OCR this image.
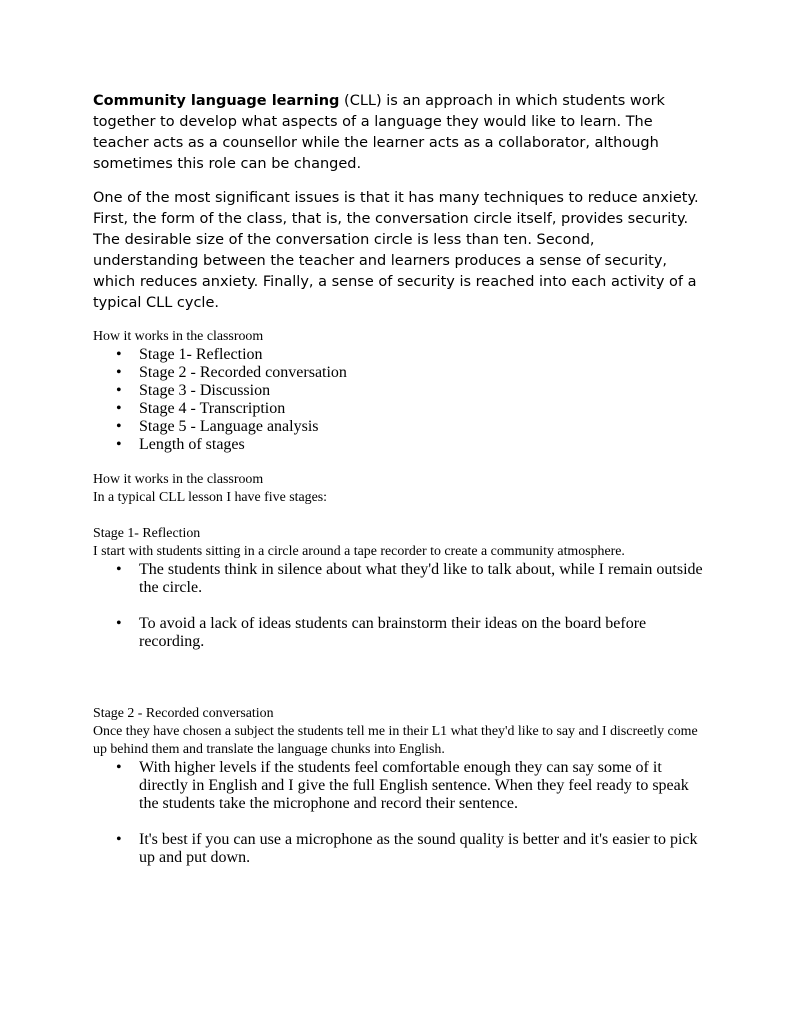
Community language learning (CLL) is an approach in which students work together to develop what aspects of a language they would like to learn. The teacher acts as a counsellor while the learner acts as a collaborator, although sometimes this role can be changed.

One of the most significant issues is that it has many techniques to reduce anxiety. First, the form of the class, that is, the conversation circle itself, provides security. The desirable size of the conversation circle is less than ten. Second, understanding between the teacher and learners produces a sense of security, which reduces anxiety. Finally, a sense of security is reached into each activity of a typical CLL cycle.

How it works in the classroom

• Stage 1- Reflection
• Stage 2 - Recorded conversation
• Stage 3 - Discussion
• Stage 4 - Transcription
• Stage 5 - Language analysis
• Length of stages

How it works in the classroom

In a typical CLL lesson I have five stages:

Stage 1- Reflection

I start with students sitting in a circle around a tape recorder to create a community atmosphere.

• The students think in silence about what they'd like to talk about, while I remain outside the circle.
• To avoid a lack of ideas students can brainstorm their ideas on the board before recording.

Stage 2 - Recorded conversation

Once they have chosen a subject the students tell me in their L1 what they'd like to say and I discreetly come up behind them and translate the language chunks into English.

• With higher levels if the students feel comfortable enough they can say some of it directly in English and I give the full English sentence. When they feel ready to speak the students take the microphone and record their sentence.
• It's best if you can use a microphone as the sound quality is better and it's easier to pick up and put down.
